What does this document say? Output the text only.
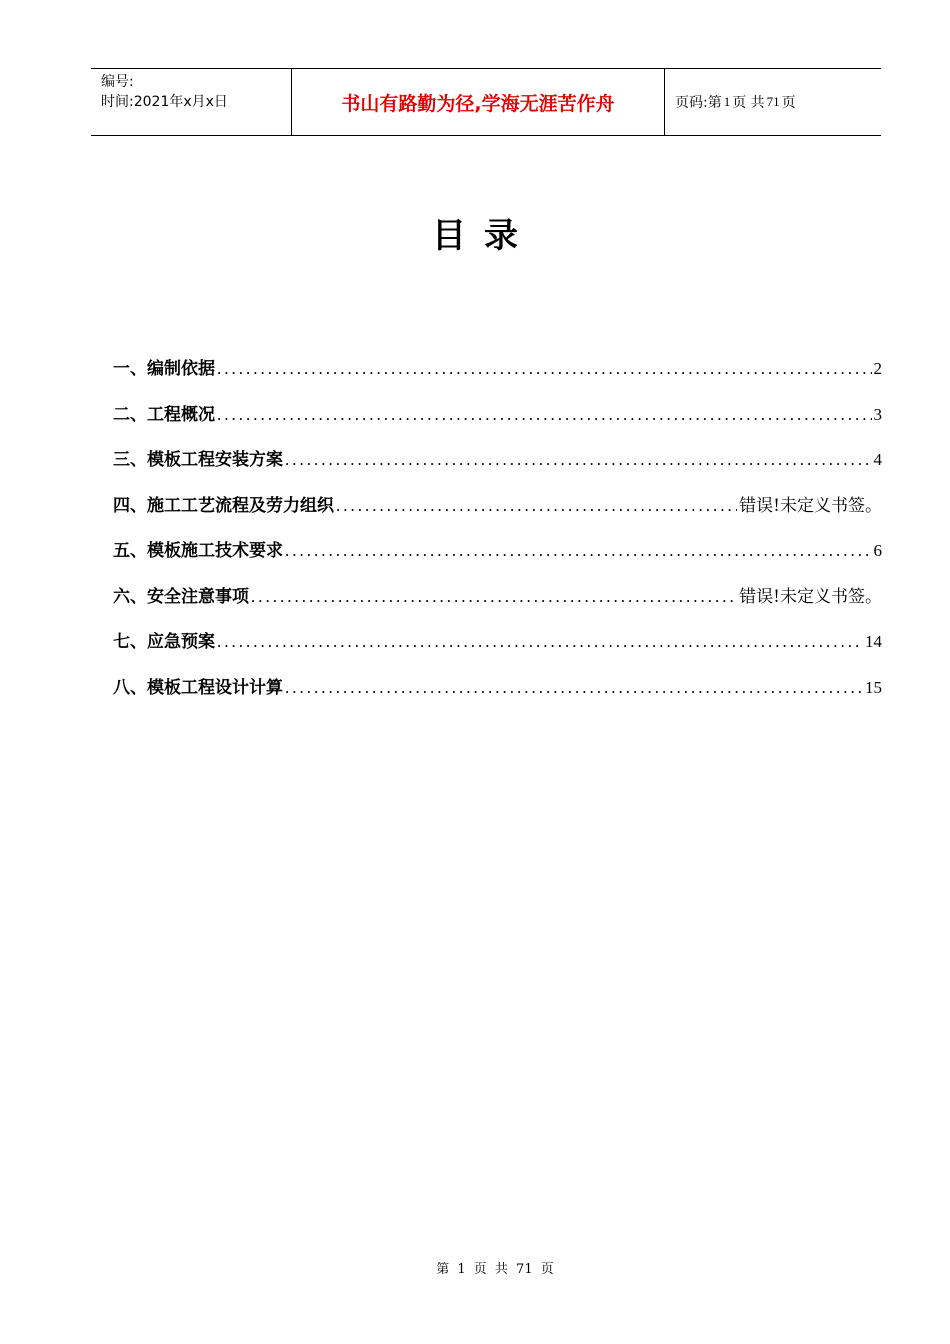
编号:
时间:2021年x月x日	书山有路勤为径,学海无涯苦作舟	页码:第 1 页 共 71 页
目录
一、编制依据 .....	2
二、工程概况 .....	3
三、模板工程安装方案 .....	4
四、施工工艺流程及劳力组织 .....	错误!未定义书签。
五、模板施工技术要求 .....	6
六、安全注意事项 .....	错误!未定义书签。
七、应急预案 .....	14
八、模板工程设计计算 .....	15
第 1 页 共 71 页
